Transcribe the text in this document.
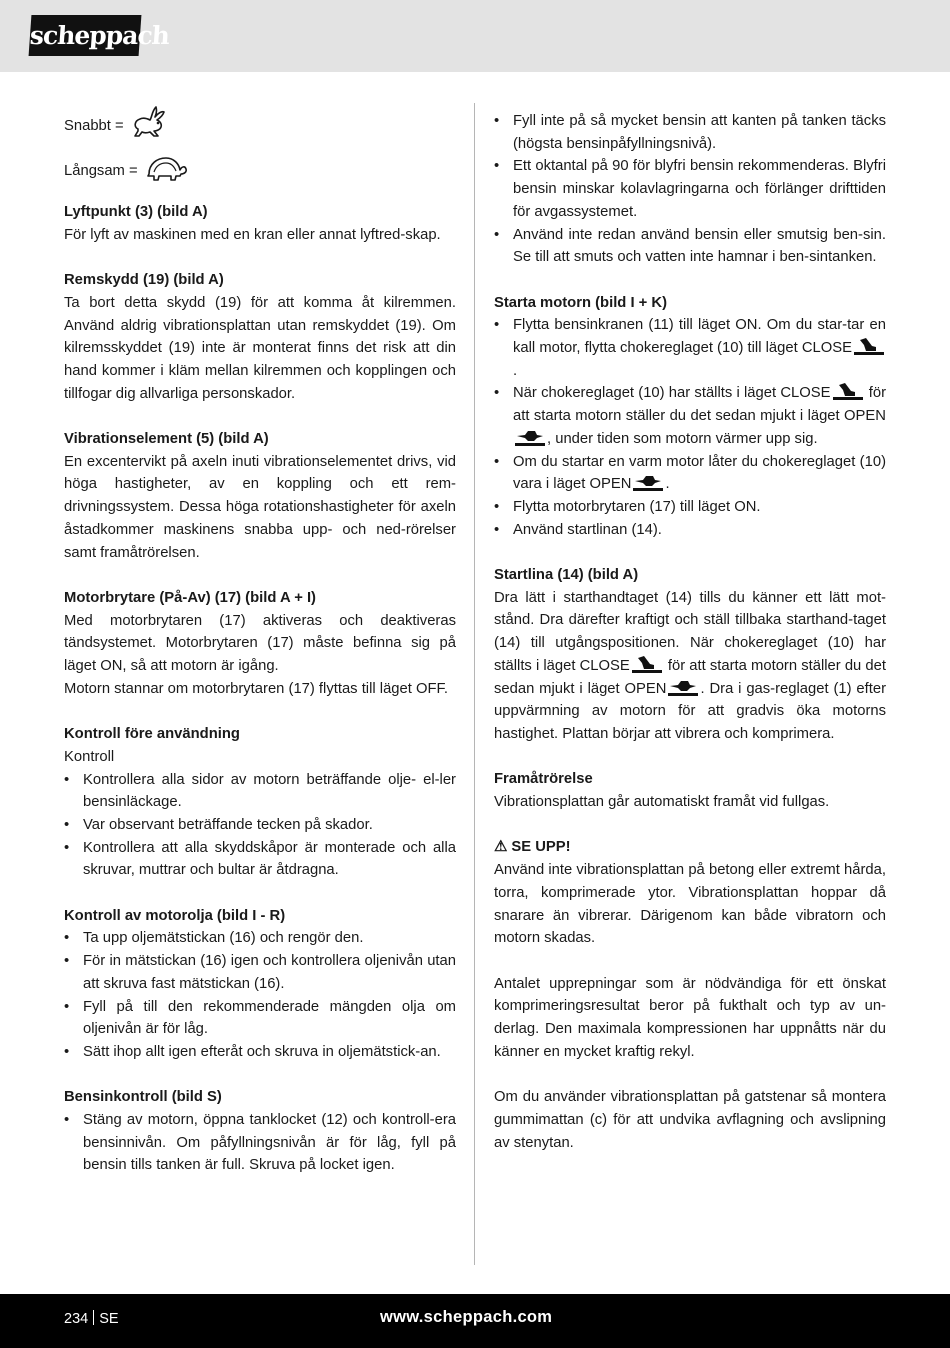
scheppach
Snabbt =
Långsam =
Lyftpunkt (3) (bild A)
För lyft av maskinen med en kran eller annat lyftred-skap.
Remskydd (19) (bild A)
Ta bort detta skydd (19) för att komma åt kilremmen. Använd aldrig vibrationsplattan utan remskyddet (19). Om kilremsskyddet (19) inte är monterat finns det risk att din hand kommer i kläm mellan kilremmen och kopplingen och tillfogar dig allvarliga personskador.
Vibrationselement (5) (bild A)
En excentervikt på axeln inuti vibrationselementet drivs, vid höga hastigheter, av en koppling och ett rem-drivningssystem. Dessa höga rotationshastigheter för axeln åstadkommer maskinens snabba upp- och ned-rörelser samt framåtrörelsen.
Motorbrytare (På-Av) (17) (bild A + I)
Med motorbrytaren (17) aktiveras och deaktiveras tändsystemet. Motorbrytaren (17) måste befinna sig på läget ON, så att motorn är igång.
Motorn stannar om motorbrytaren (17) flyttas till läget OFF.
Kontroll före användning
Kontroll
• Kontrollera alla sidor av motorn beträffande olje- el-ler bensinläckage.
• Var observant beträffande tecken på skador.
• Kontrollera att alla skyddskåpor är monterade och alla skruvar, muttrar och bultar är åtdragna.
Kontroll av motorolja (bild I - R)
• Ta upp oljemätstickan (16) och rengör den.
• För in mätstickan (16) igen och kontrollera oljenivån utan att skruva fast mätstickan (16).
• Fyll på till den rekommenderade mängden olja om oljenivån är för låg.
• Sätt ihop allt igen efteråt och skruva in oljemätstick-an.
Bensinkontroll (bild S)
• Stäng av motorn, öppna tanklocket (12) och kontroll-era bensinnivån. Om påfyllningsnivån är för låg, fyll på bensin tills tanken är full. Skruva på locket igen.
• Fyll inte på så mycket bensin att kanten på tanken täcks (högsta bensinpåfyllningsnivå).
• Ett oktantal på 90 för blyfri bensin rekommenderas. Blyfri bensin minskar kolavlagringarna och förlänger drifttiden för avgassystemet.
• Använd inte redan använd bensin eller smutsig ben-sin. Se till att smuts och vatten inte hamnar i ben-sintanken.
Starta motorn (bild I + K)
• Flytta bensinkranen (11) till läget ON. Om du star-tar en kall motor, flytta chokereglaget (10) till läget CLOSE.
• När chokereglaget (10) har ställts i läget CLOSE för att starta motorn ställer du det sedan mjukt i läget OPEN, under tiden som motorn värmer upp sig.
• Om du startar en varm motor låter du chokereglaget (10) vara i läget OPEN .
• Flytta motorbrytaren (17) till läget ON.
• Använd startlinan (14).
Startlina (14) (bild A)
Dra lätt i starthandtaget (14) tills du känner ett lätt mot-stånd. Dra därefter kraftigt och ställ tillbaka starthand-taget (14) till utgångspositionen. När chokereglaget (10) har ställts i läget CLOSE för att starta motorn ställer du det sedan mjukt i läget OPEN . Dra i gas-reglaget (1) efter uppvärmning av motorn för att gradvis öka motorns hastighet. Plattan börjar att vibrera och komprimera.
Framåtrörelse
Vibrationsplattan går automatiskt framåt vid fullgas.
⚠ SE UPP!
Använd inte vibrationsplattan på betong eller extremt hårda, torra, komprimerade ytor. Vibrationsplattan hoppar då snarare än vibrerar. Därigenom kan både vibratorn och motorn skadas.
Antalet upprepningar som är nödvändiga för ett önskat komprimeringsresultat beror på fukthalt och typ av un-derlag. Den maximala kompressionen har uppnåtts när du känner en mycket kraftig rekyl.
Om du använder vibrationsplattan på gatstenar så montera gummimattan (c) för att undvika avflagning och avslipning av stenytan.
234 SE	www.scheppach.com
